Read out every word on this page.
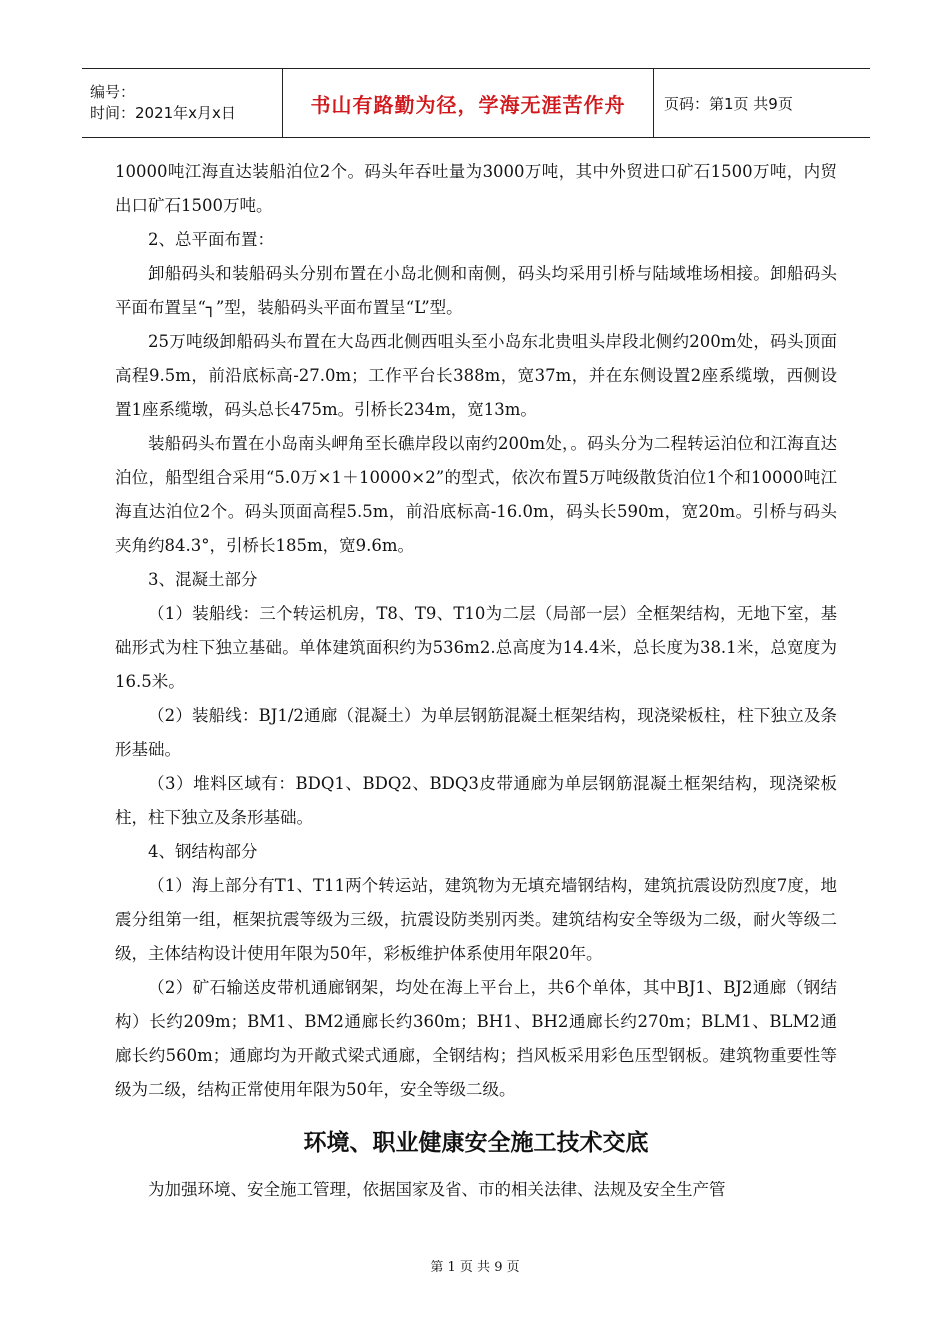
编号：
时间：2021年x月x日	书山有路勤为径，学海无涯苦作舟	页码：第1页 共9页

10000吨江海直达装船泊位2个。码头年吞吐量为3000万吨，其中外贸进口矿石1500万吨，内贸出口矿石1500万吨。

2、总平面布置：

卸船码头和装船码头分别布置在小岛北侧和南侧，码头均采用引桥与陆域堆场相接。卸船码头平面布置呈“┐”型，装船码头平面布置呈“L”型。

25万吨级卸船码头布置在大岛西北侧西咀头至小岛东北贵咀头岸段北侧约200m处，码头顶面高程9.5m，前沿底标高-27.0m；工作平台长388m，宽37m，并在东侧设置2座系缆墩，西侧设置1座系缆墩，码头总长475m。引桥长234m，宽13m。

装船码头布置在小岛南头岬角至长礁岸段以南约200m处，。码头分为二程转运泊位和江海直达泊位，船型组合采用“5.0万×1＋10000×2”的型式，依次布置5万吨级散货泊位1个和10000吨江海直达泊位2个。码头顶面高程5.5m，前沿底标高-16.0m，码头长590m，宽20m。引桥与码头夹角约84.3°，引桥长185m，宽9.6m。

3、混凝土部分

（1）装船线：三个转运机房，T8、T9、T10为二层（局部一层）全框架结构，无地下室，基础形式为柱下独立基础。单体建筑面积约为536m2.总高度为14.4米，总长度为38.1米，总宽度为16.5米。

（2）装船线：BJ1/2通廊（混凝土）为单层钢筋混凝土框架结构，现浇梁板柱，柱下独立及条形基础。

（3）堆料区域有：BDQ1、BDQ2、BDQ3皮带通廊为单层钢筋混凝土框架结构，现浇梁板柱，柱下独立及条形基础。

4、钢结构部分

（1）海上部分有T1、T11两个转运站，建筑物为无填充墙钢结构，建筑抗震设防烈度7度，地震分组第一组，框架抗震等级为三级，抗震设防类别丙类。建筑结构安全等级为二级，耐火等级二级，主体结构设计使用年限为50年，彩板维护体系使用年限20年。

（2）矿石输送皮带机通廊钢架，均处在海上平台上，共6个单体，其中BJ1、BJ2通廊（钢结构）长约209m；BM1、BM2通廊长约360m；BH1、BH2通廊长约270m；BLM1、BLM2通廊长约560m；通廊均为开敞式梁式通廊，全钢结构；挡风板采用彩色压型钢板。建筑物重要性等级为二级，结构正常使用年限为50年，安全等级二级。

环境、职业健康安全施工技术交底

为加强环境、安全施工管理，依据国家及省、市的相关法律、法规及安全生产管

第 1 页 共 9 页
